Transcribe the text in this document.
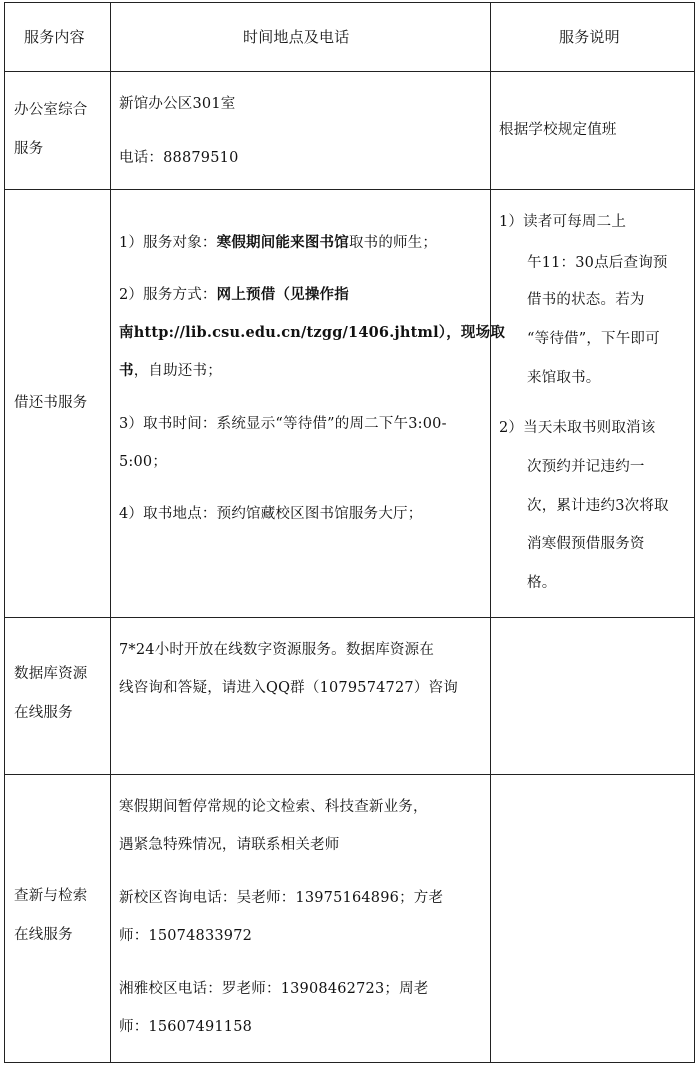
服务内容	时间地点及电话	服务说明
办公室综合
服务
新馆办公区301室
电话：88879510
根据学校规定值班
借还书服务
1）服务对象：寒假期间能来图书馆取书的师生；
2）服务方式：网上预借（见操作指
南http://lib.csu.edu.cn/tzgg/1406.jhtml），现场取
书，自助还书；
3）取书时间：系统显示“等待借”的周二下午3:00-
5:00；
4）取书地点：预约馆藏校区图书馆服务大厅；
1）读者可每周二上
午11：30点后查询预
借书的状态。若为
“等待借”，下午即可
来馆取书。
2）当天未取书则取消该
次预约并记违约一
次，累计违约3次将取
消寒假预借服务资
格。
数据库资源
在线服务
7*24小时开放在线数字资源服务。数据库资源在
线咨询和答疑，请进入QQ群（1079574727）咨询
查新与检索
在线服务
寒假期间暂停常规的论文检索、科技查新业务，
遇紧急特殊情况，请联系相关老师
新校区咨询电话：吴老师：13975164896；方老
师：15074833972
湘雅校区电话：罗老师：13908462723；周老
师：15607491158
